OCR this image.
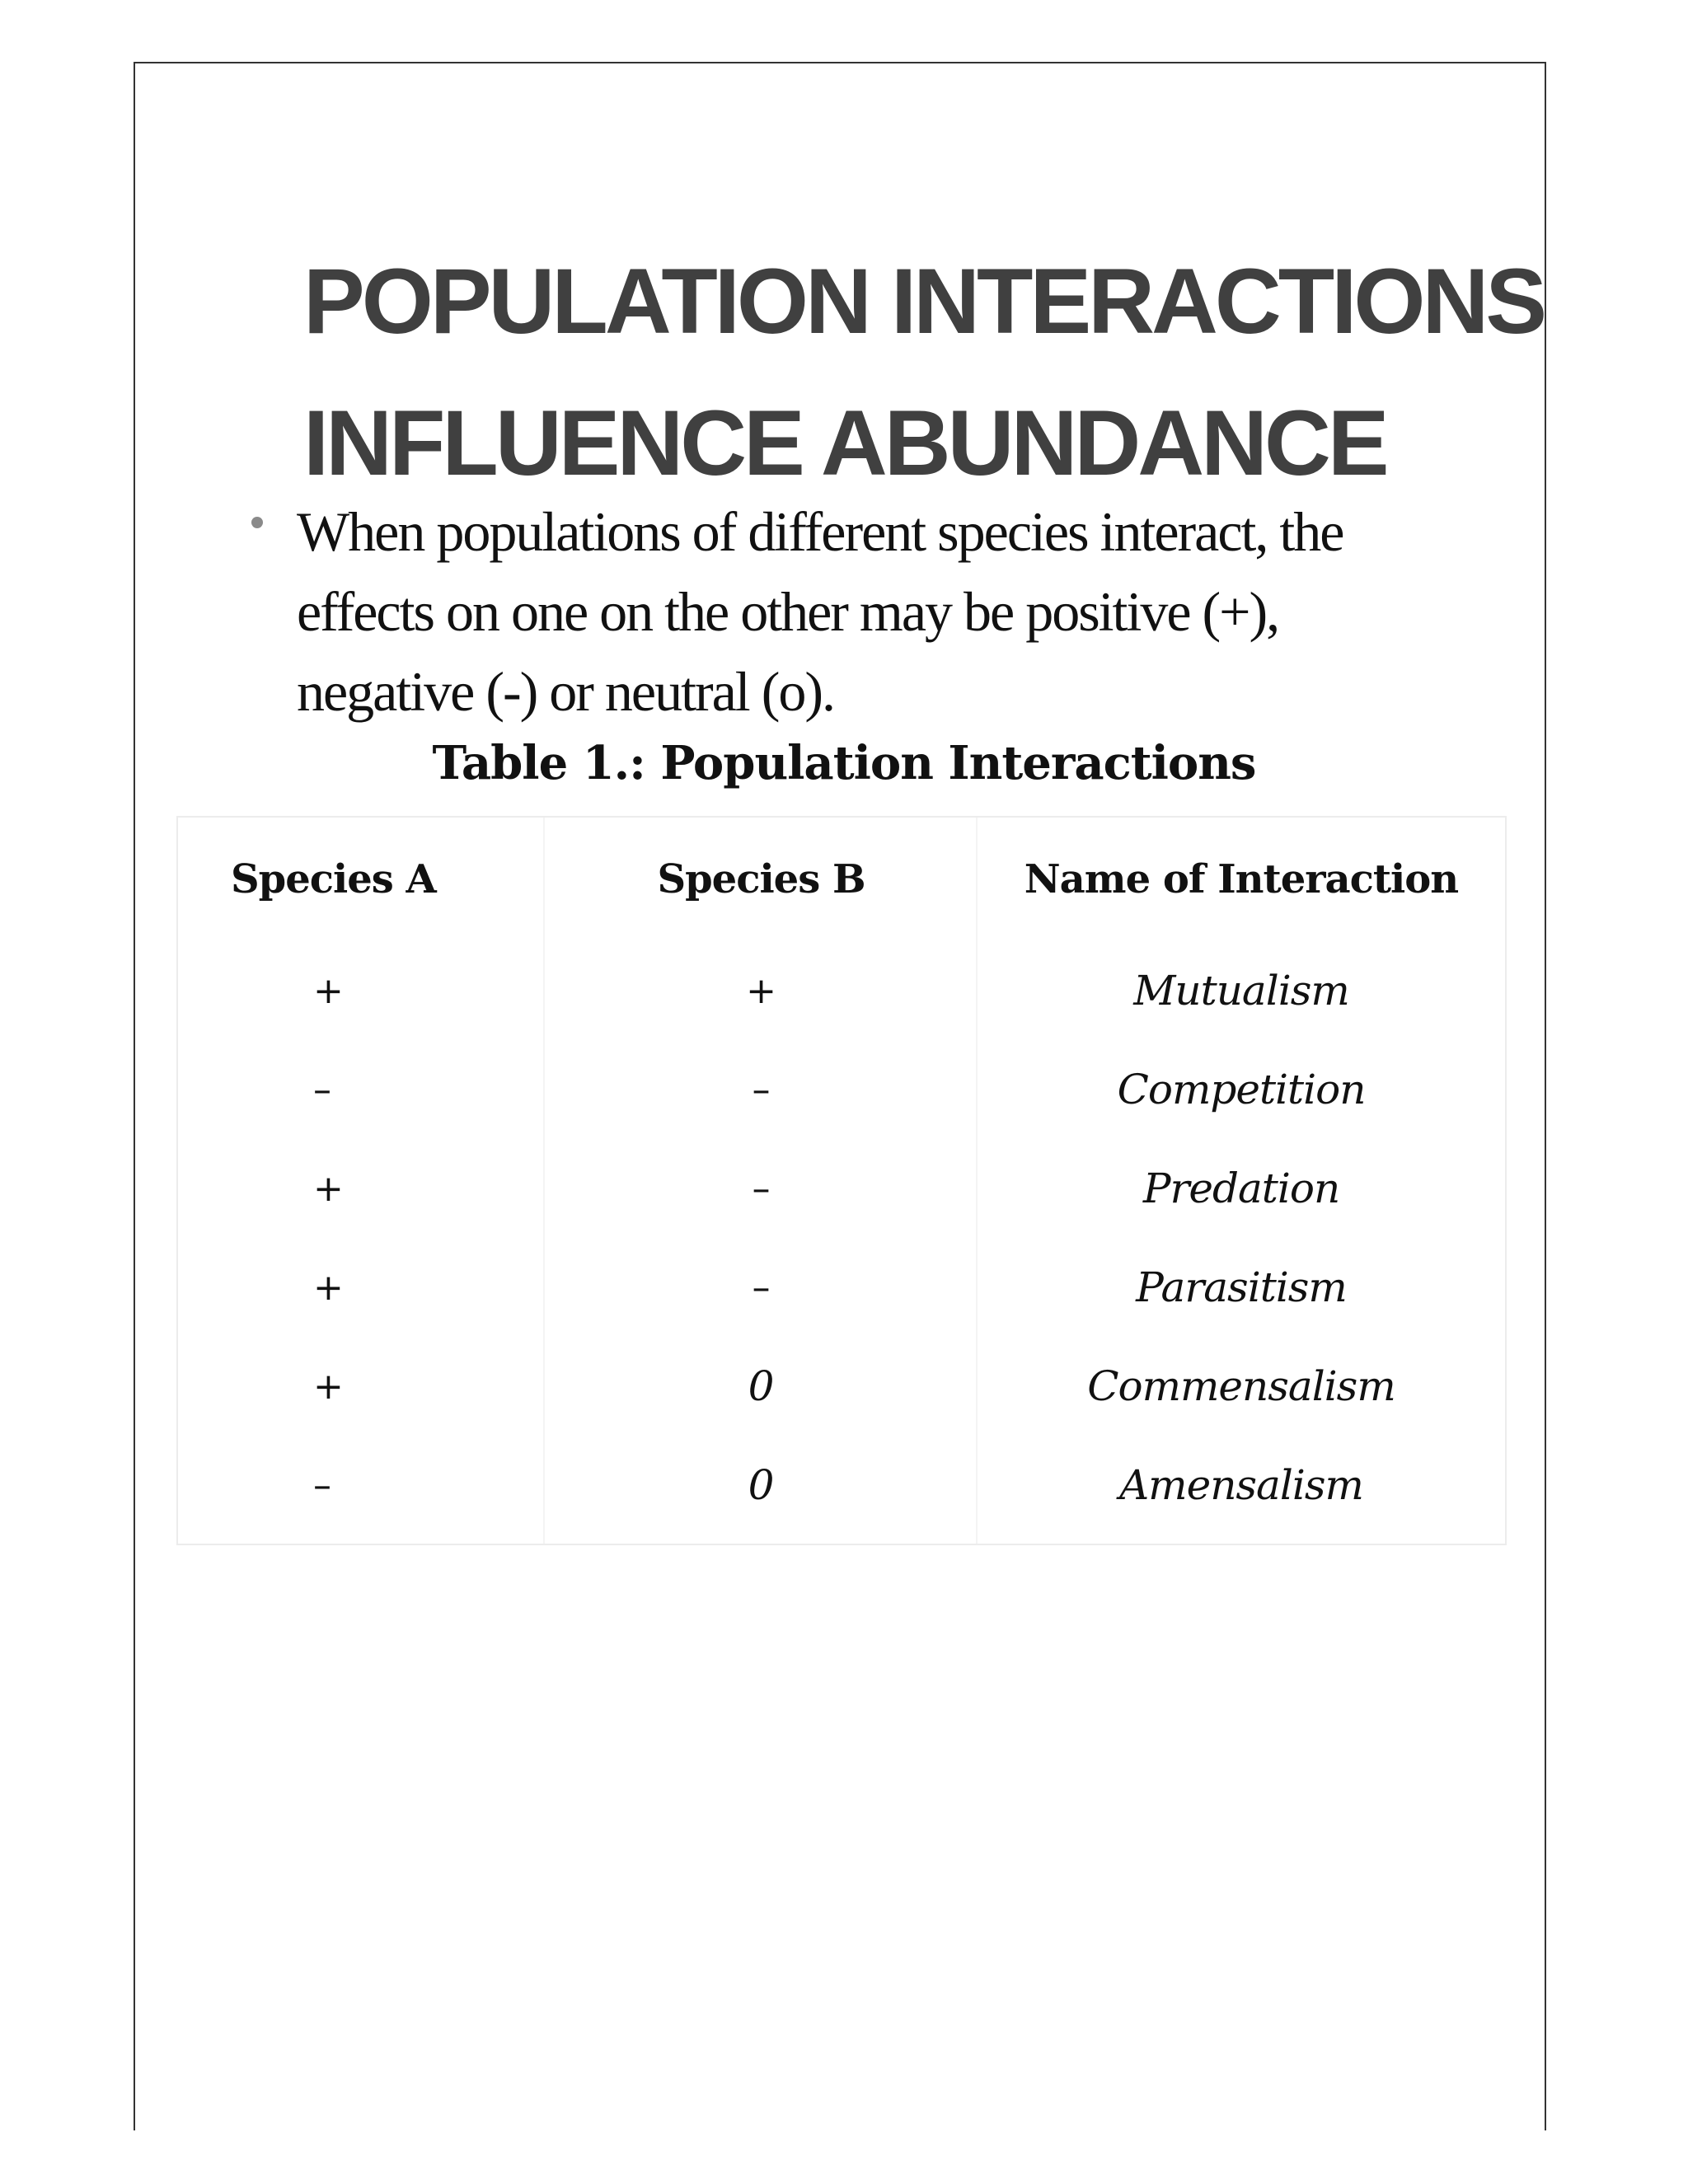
POPULATION INTERACTIONS
INFLUENCE ABUNDANCE
When populations of different species interact, the effects on one on the other may be positive (+), negative (-) or neutral (o).
Table 1.: Population Interactions
Species A	Species B	Name of Interaction
+	+	Mutualism
–	–	Competition
+	–	Predation
+	–	Parasitism
+	0	Commensalism
–	0	Amensalism
